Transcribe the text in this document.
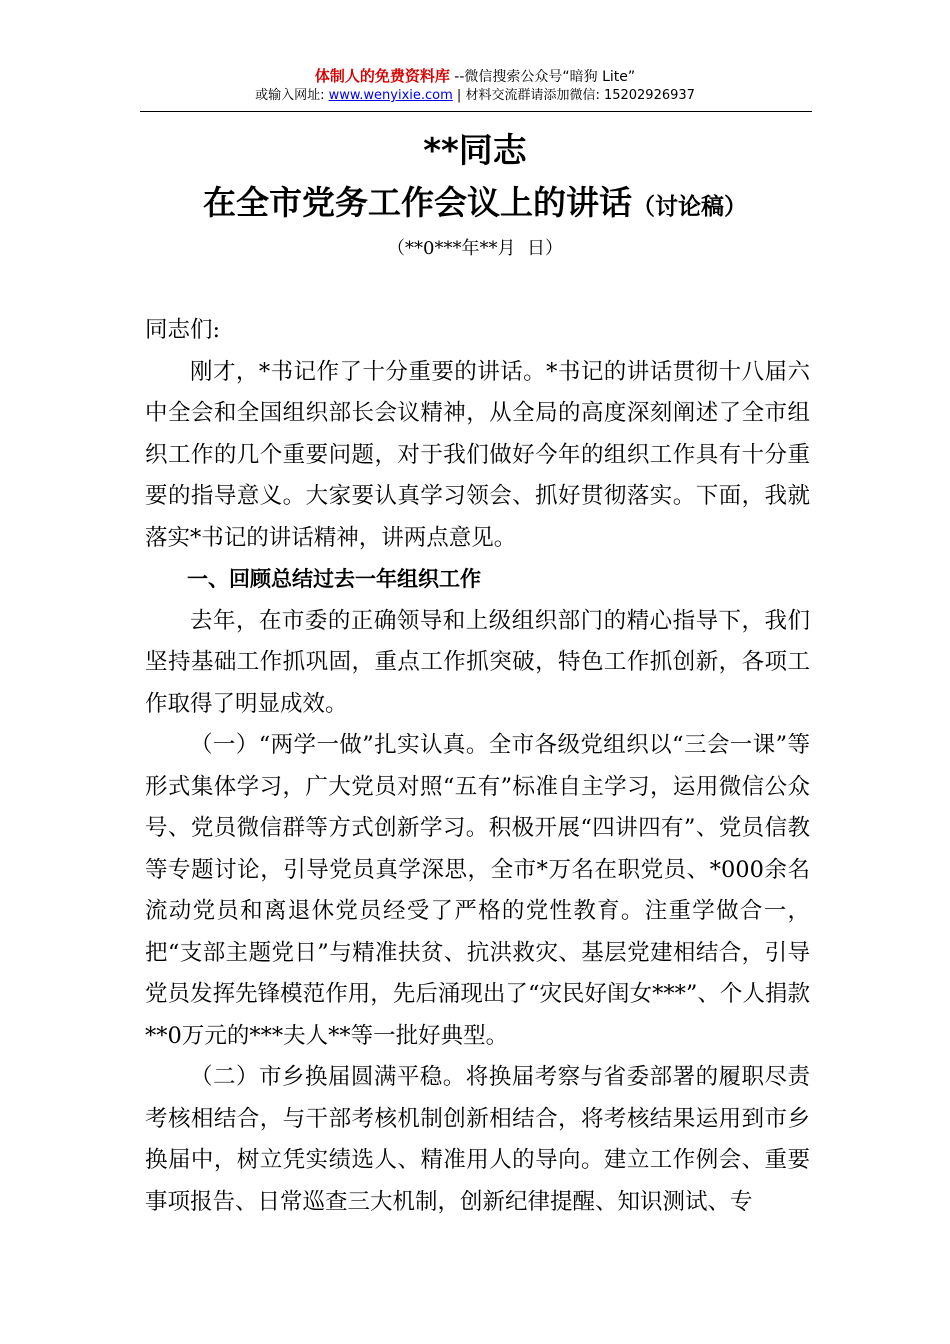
体制人的免费资料库 --微信搜索公众号“暗狗 Lite”
或输入网址: www.wenyixie.com | 材料交流群请添加微信: 15202926937
**同志
在全市党务工作会议上的讲话（讨论稿）
（**0***年**月  日）

同志们:

刚才，*书记作了十分重要的讲话。*书记的讲话贯彻十八届六中全会和全国组织部长会议精神，从全局的高度深刻阐述了全市组织工作的几个重要问题，对于我们做好今年的组织工作具有十分重要的指导意义。大家要认真学习领会、抓好贯彻落实。下面，我就落实*书记的讲话精神，讲两点意见。

一、回顾总结过去一年组织工作

去年，在市委的正确领导和上级组织部门的精心指导下，我们坚持基础工作抓巩固，重点工作抓突破，特色工作抓创新，各项工作取得了明显成效。

（一）“两学一做”扎实认真。全市各级党组织以“三会一课”等形式集体学习，广大党员对照“五有”标准自主学习，运用微信公众号、党员微信群等方式创新学习。积极开展“四讲四有”、党员信教等专题讨论，引导党员真学深思，全市*万名在职党员、*000余名流动党员和离退休党员经受了严格的党性教育。注重学做合一，把“支部主题党日”与精准扶贫、抗洪救灾、基层党建相结合，引导党员发挥先锋模范作用，先后涌现出了“灾民好闺女***”、个人捐款**0万元的***夫人**等一批好典型。

（二）市乡换届圆满平稳。将换届考察与省委部署的履职尽责考核相结合，与干部考核机制创新相结合，将考核结果运用到市乡换届中，树立凭实绩选人、精准用人的导向。建立工作例会、重要事项报告、日常巡查三大机制，创新纪律提醒、知识测试、专
